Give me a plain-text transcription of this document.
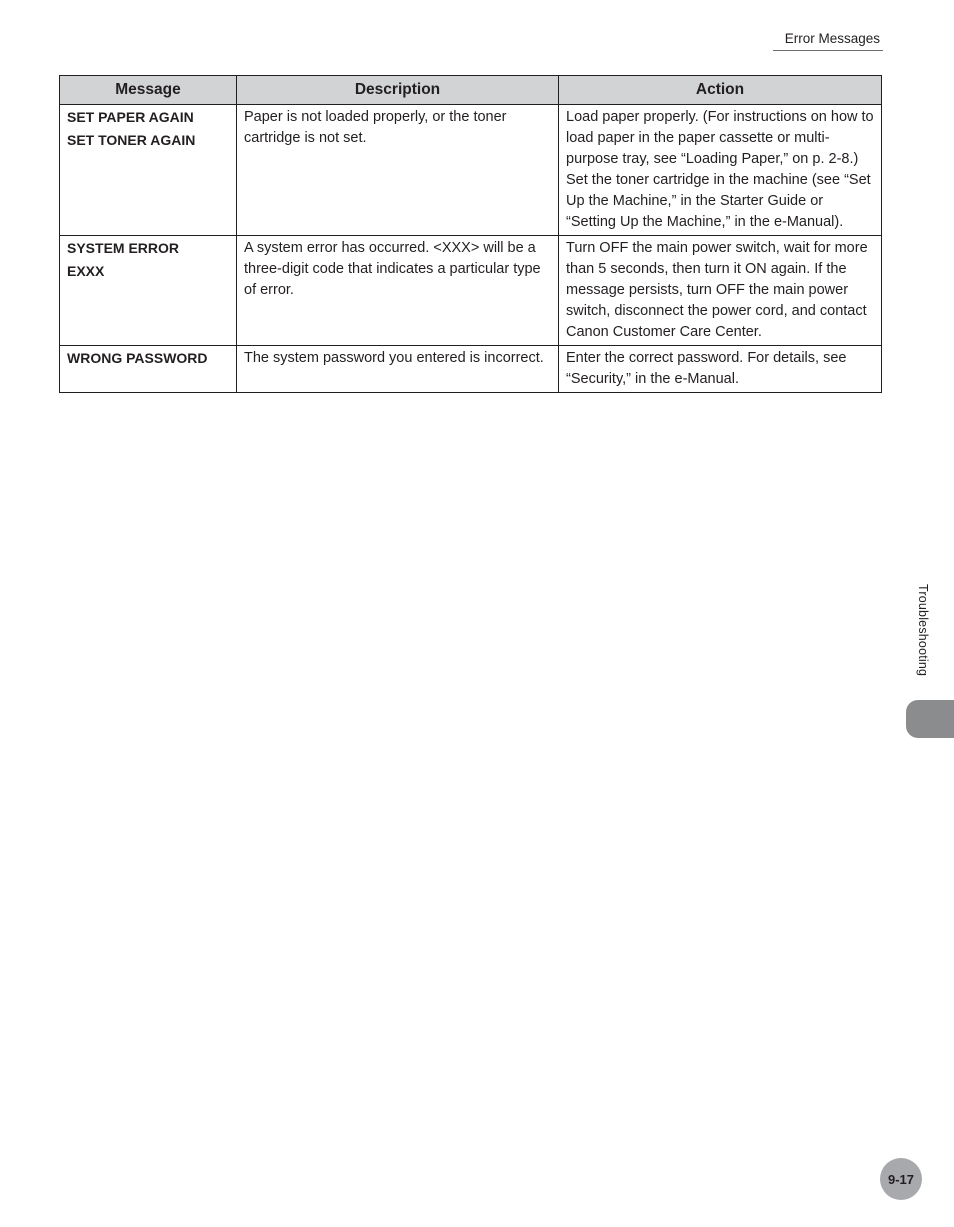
Error Messages
Message	Description	Action

SET PAPER AGAIN
SET TONER AGAIN	Paper is not loaded properly, or the toner cartridge is not set.	Load paper properly. (For instructions on how to load paper in the paper cassette or multi-purpose tray, see “Loading Paper,” on p. 2-8.) Set the toner cartridge in the machine (see “Set Up the Machine,” in the Starter Guide or “Setting Up the Machine,” in the e-Manual).

SYSTEM ERROR
EXXX	A system error has occurred. <XXX> will be a three-digit code that indicates a particular type of error.	Turn OFF the main power switch, wait for more than 5 seconds, then turn it ON again. If the message persists, turn OFF the main power switch, disconnect the power cord, and contact Canon Customer Care Center.

WRONG PASSWORD	The system password you entered is incorrect.	Enter the correct password. For details, see “Security,” in the e-Manual.
Troubleshooting
9-17
